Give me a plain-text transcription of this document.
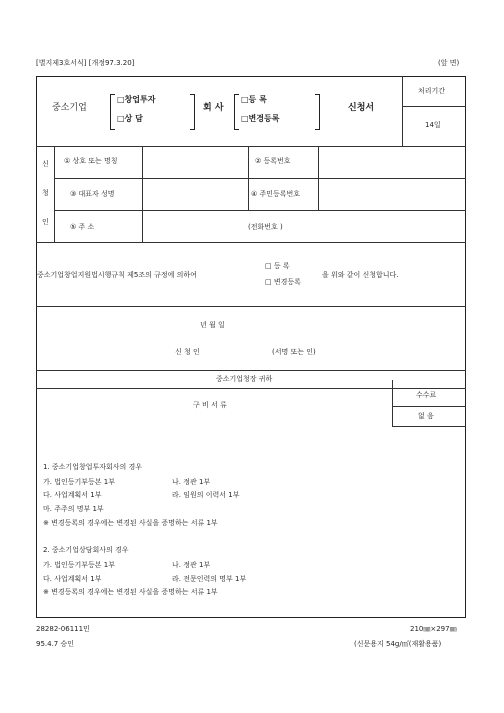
[별지제3호서식] [개정97.3.20]	(앞 면)
중소기업
□창업투자
□상 담
회 사
□등 록
□변경등록
신청서
처리기간
14일
신
청
인
① 상호 또는 명칭	② 등록번호
③ 대표자 성명	④ 주민등록번호
⑤ 주 소	(전화번호 )
중소기업창업지원법시행규칙 제5조의 규정에 의하여
□ 등 록
□ 변경등록
을 위와 같이 신청합니다.
년 월 일
신 청 인	(서명 또는 인)
중소기업청장 귀하
구 비 서 류
수수료
없 음
1. 중소기업창업투자회사의 경우
가. 법인등기부등본 1부	나. 정관 1부
다. 사업계획서 1부	라. 임원의 이력서 1부
마. 주주의 명부 1부
※ 변경등록의 경우에는 변경된 사실을 증명하는 서류 1부
2. 중소기업상담회사의 경우
가. 법인등기부등본 1부	나. 정관 1부
다. 사업계획서 1부	라. 전문인력의 명부 1부
※ 변경등록의 경우에는 변경된 사실을 증명하는 서류 1부
28282-06111민
95.4.7 승인
210㎜×297㎜
(신문용지 54g/㎡(재활용품)
